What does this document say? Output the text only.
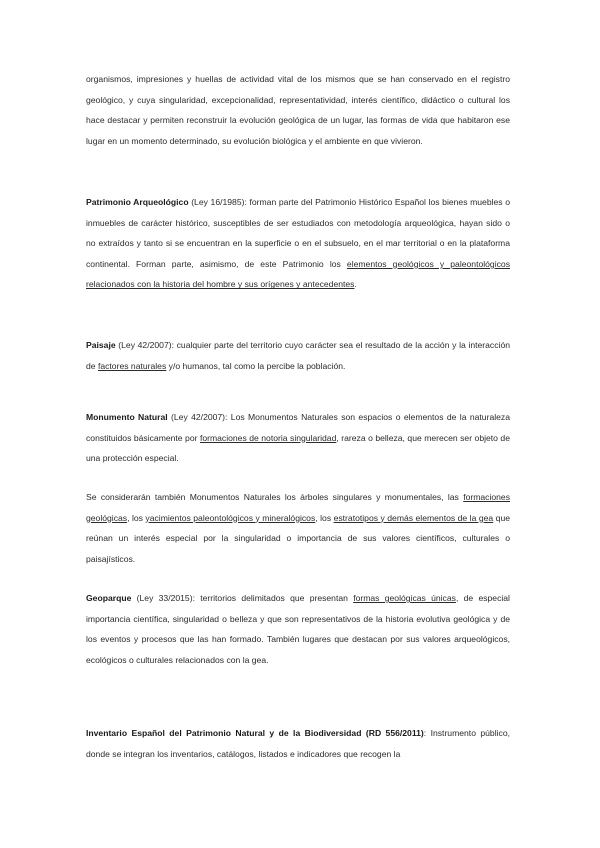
organismos, impresiones y huellas de actividad vital de los mismos que se han conservado en el registro geológico, y cuya singularidad, excepcionalidad, representatividad, interés científico, didáctico o cultural los hace destacar y permiten reconstruir la evolución geológica de un lugar, las formas de vida que habitaron ese lugar en un momento determinado, su evolución biológica y el ambiente en que vivieron.

Patrimonio Arqueológico (Ley 16/1985): forman parte del Patrimonio Histórico Español los bienes muebles o inmuebles de carácter histórico, susceptibles de ser estudiados con metodología arqueológica, hayan sido o no extraídos y tanto si se encuentran en la superficie o en el subsuelo, en el mar territorial o en la plataforma continental. Forman parte, asimismo, de este Patrimonio los elementos geológicos y paleontológicos relacionados con la historia del hombre y sus orígenes y antecedentes.

Paisaje (Ley 42/2007): cualquier parte del territorio cuyo carácter sea el resultado de la acción y la interacción de factores naturales y/o humanos, tal como la percibe la población.

Monumento Natural (Ley 42/2007): Los Monumentos Naturales son espacios o elementos de la naturaleza constituidos básicamente por formaciones de notoria singularidad, rareza o belleza, que merecen ser objeto de una protección especial.

Se considerarán también Monumentos Naturales los árboles singulares y monumentales, las formaciones geológicas, los yacimientos paleontológicos y mineralógicos, los estratotipos y demás elementos de la gea que reúnan un interés especial por la singularidad o importancia de sus valores científicos, culturales o paisajísticos.

Geoparque (Ley 33/2015): territorios delimitados que presentan formas geológicas únicas, de especial importancia científica, singularidad o belleza y que son representativos de la historia evolutiva geológica y de los eventos y procesos que las han formado. También lugares que destacan por sus valores arqueológicos, ecológicos o culturales relacionados con la gea.

Inventario Español del Patrimonio Natural y de la Biodiversidad (RD 556/2011): Instrumento público, donde se integran los inventarios, catálogos, listados e indicadores que recogen la
